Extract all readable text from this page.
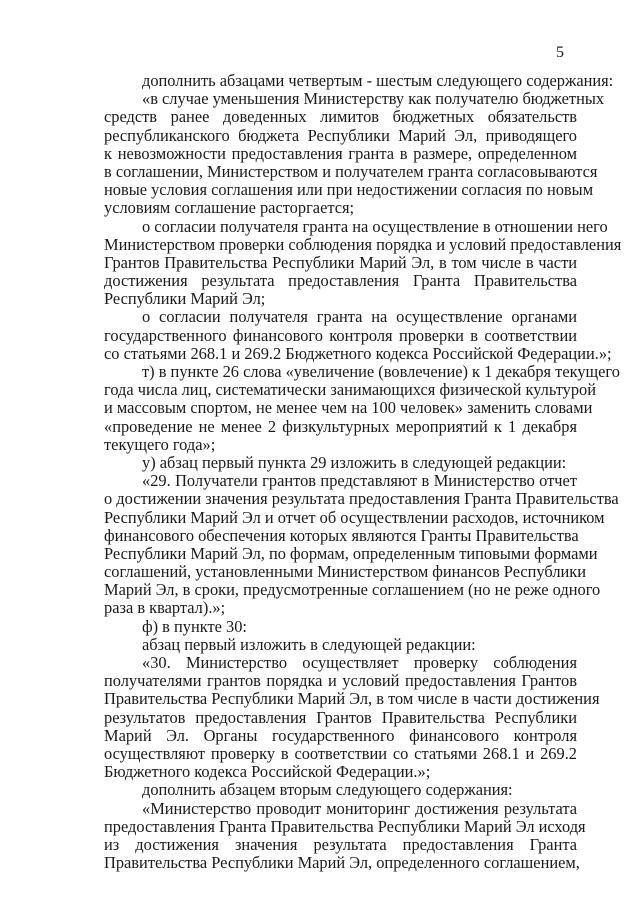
5
дополнить абзацами четвертым - шестым следующего содержания:
«в случае уменьшения Министерству как получателю бюджетных
средств ранее доведенных лимитов бюджетных обязательств
республиканского бюджета Республики Марий Эл, приводящего
к невозможности предоставления гранта в размере, определенном
в соглашении, Министерством и получателем гранта согласовываются
новые условия соглашения или при недостижении согласия по новым
условиям соглашение расторгается;
о согласии получателя гранта на осуществление в отношении него
Министерством проверки соблюдения порядка и условий предоставления
Грантов Правительства Республики Марий Эл, в том числе в части
достижения результата предоставления Гранта Правительства
Республики Марий Эл;
о согласии получателя гранта на осуществление органами
государственного финансового контроля проверки в соответствии
со статьями 268.1 и 269.2 Бюджетного кодекса Российской Федерации.»;
т) в пункте 26 слова «увеличение (вовлечение) к 1 декабря текущего
года числа лиц, систематически занимающихся физической культурой
и массовым спортом, не менее чем на 100 человек» заменить словами
«проведение не менее 2 физкультурных мероприятий к 1 декабря
текущего года»;
у) абзац первый пункта 29 изложить в следующей редакции:
«29. Получатели грантов представляют в Министерство отчет
о достижении значения результата предоставления Гранта Правительства
Республики Марий Эл и отчет об осуществлении расходов, источником
финансового обеспечения которых являются Гранты Правительства
Республики Марий Эл, по формам, определенным типовыми формами
соглашений, установленными Министерством финансов Республики
Марий Эл, в сроки, предусмотренные соглашением (но не реже одного
раза в квартал).»;
ф) в пункте 30:
абзац первый изложить в следующей редакции:
«30. Министерство осуществляет проверку соблюдения
получателями грантов порядка и условий предоставления Грантов
Правительства Республики Марий Эл, в том числе в части достижения
результатов предоставления Грантов Правительства Республики
Марий Эл. Органы государственного финансового контроля
осуществляют проверку в соответствии со статьями 268.1 и 269.2
Бюджетного кодекса Российской Федерации.»;
дополнить абзацем вторым следующего содержания:
«Министерство проводит мониторинг достижения результата
предоставления Гранта Правительства Республики Марий Эл исходя
из достижения значения результата предоставления Гранта
Правительства Республики Марий Эл, определенного соглашением,
